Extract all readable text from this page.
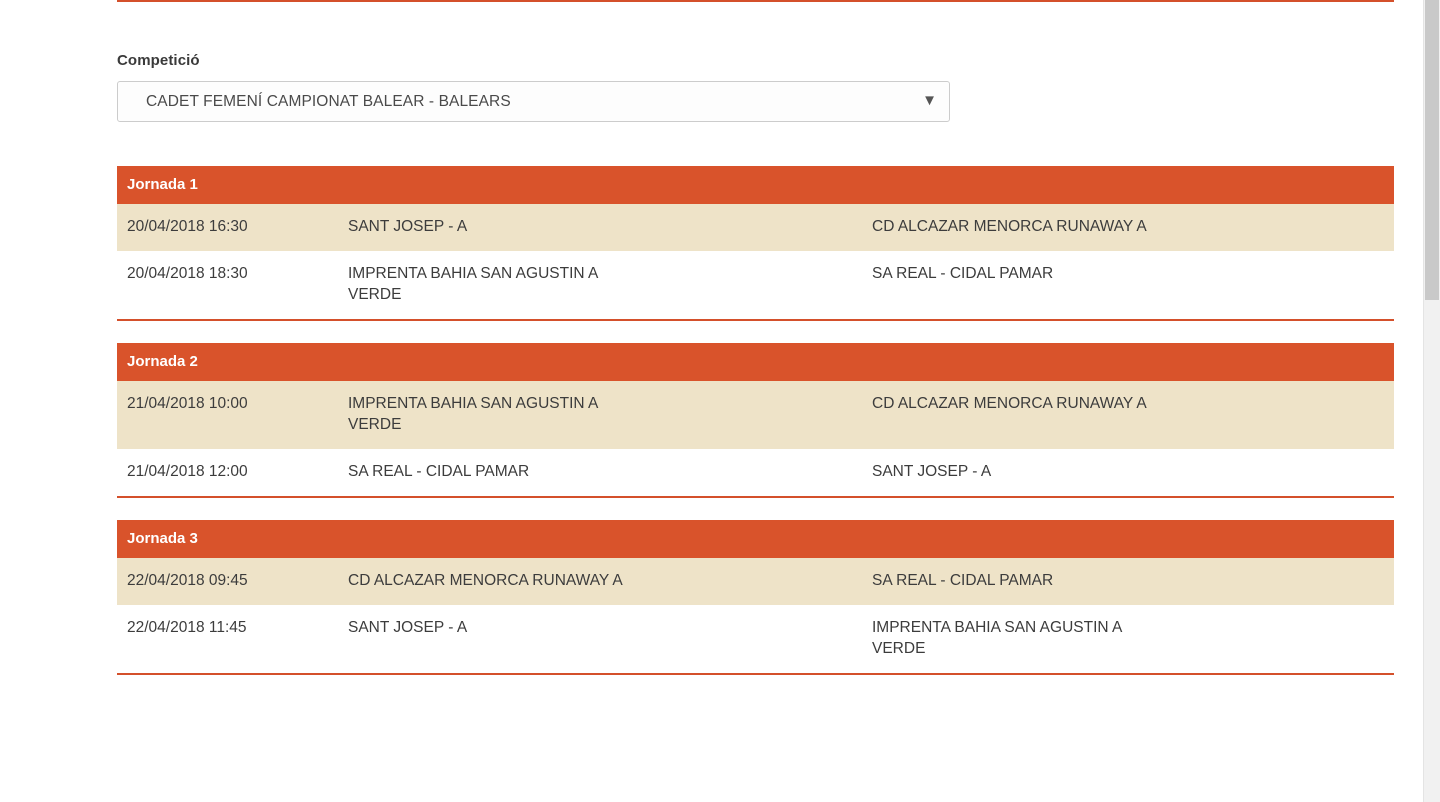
Competició
CADET FEMENÍ CAMPIONAT BALEAR - BALEARS	▼
Jornada 1
20/04/2018 16:30	SANT JOSEP - A		CD ALCAZAR MENORCA RUNAWAY A	
20/04/2018 18:30	IMPRENTA BAHIA SAN AGUSTIN A VERDE		SA REAL - CIDAL PAMAR	
Jornada 2
21/04/2018 10:00	IMPRENTA BAHIA SAN AGUSTIN A VERDE		CD ALCAZAR MENORCA RUNAWAY A	
21/04/2018 12:00	SA REAL - CIDAL PAMAR		SANT JOSEP - A	
Jornada 3
22/04/2018 09:45	CD ALCAZAR MENORCA RUNAWAY A		SA REAL - CIDAL PAMAR	
22/04/2018 11:45	SANT JOSEP - A		IMPRENTA BAHIA SAN AGUSTIN A VERDE	
